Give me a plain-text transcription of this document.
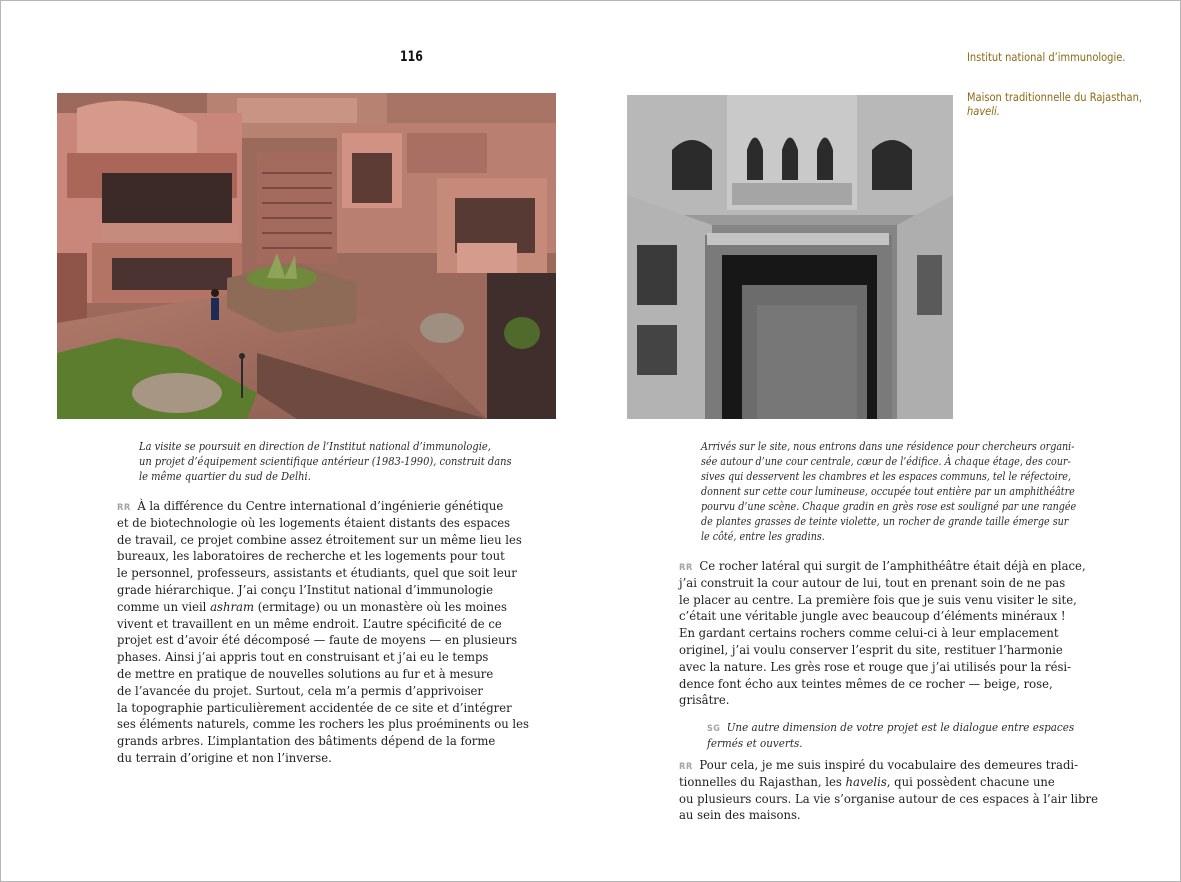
116	Institut national d’immunologie.
Maison traditionnelle du Rajasthan,
haveli.
La visite se poursuit en direction de l’Institut national d’immunologie,
un projet d’équipement scientifique antérieur (1983-1990), construit dans
le même quartier du sud de Delhi.
Arrivés sur le site, nous entrons dans une résidence pour chercheurs organi-
sée autour d’une cour centrale, cœur de l’édifice. À chaque étage, des cour-
sives qui desservent les chambres et les espaces communs, tel le réfectoire,
donnent sur cette cour lumineuse, occupée tout entière par un amphithéâtre
pourvu d’une scène. Chaque gradin en grès rose est souligné par une rangée
de plantes grasses de teinte violette, un rocher de grande taille émerge sur
le côté, entre les gradins.
RR À la différence du Centre international d’ingénierie génétique
et de biotechnologie où les logements étaient distants des espaces
de travail, ce projet combine assez étroitement sur un même lieu les
bureaux, les laboratoires de recherche et les logements pour tout
le personnel, professeurs, assistants et étudiants, quel que soit leur
grade hiérarchique. J’ai conçu l’Institut national d’immunologie
comme un vieil ashram (ermitage) ou un monastère où les moines
vivent et travaillent en un même endroit. L’autre spécificité de ce
projet est d’avoir été décomposé — faute de moyens — en plusieurs
phases. Ainsi j’ai appris tout en construisant et j’ai eu le temps
de mettre en pratique de nouvelles solutions au fur et à mesure
de l’avancée du projet. Surtout, cela m’a permis d’apprivoiser
la topographie particulièrement accidentée de ce site et d’intégrer
ses éléments naturels, comme les rochers les plus proéminents ou les
grands arbres. L’implantation des bâtiments dépend de la forme
du terrain d’origine et non l’inverse.
RR Ce rocher latéral qui surgit de l’amphithéâtre était déjà en place,
j’ai construit la cour autour de lui, tout en prenant soin de ne pas
le placer au centre. La première fois que je suis venu visiter le site,
c’était une véritable jungle avec beaucoup d’éléments minéraux !
En gardant certains rochers comme celui-ci à leur emplacement
originel, j’ai voulu conserver l’esprit du site, restituer l’harmonie
avec la nature. Les grès rose et rouge que j’ai utilisés pour la rési-
dence font écho aux teintes mêmes de ce rocher — beige, rose,
grisâtre.
SG Une autre dimension de votre projet est le dialogue entre espaces
fermés et ouverts.
RR Pour cela, je me suis inspiré du vocabulaire des demeures tradi-
tionnelles du Rajasthan, les havelis, qui possèdent chacune une
ou plusieurs cours. La vie s’organise autour de ces espaces à l’air libre
au sein des maisons.
